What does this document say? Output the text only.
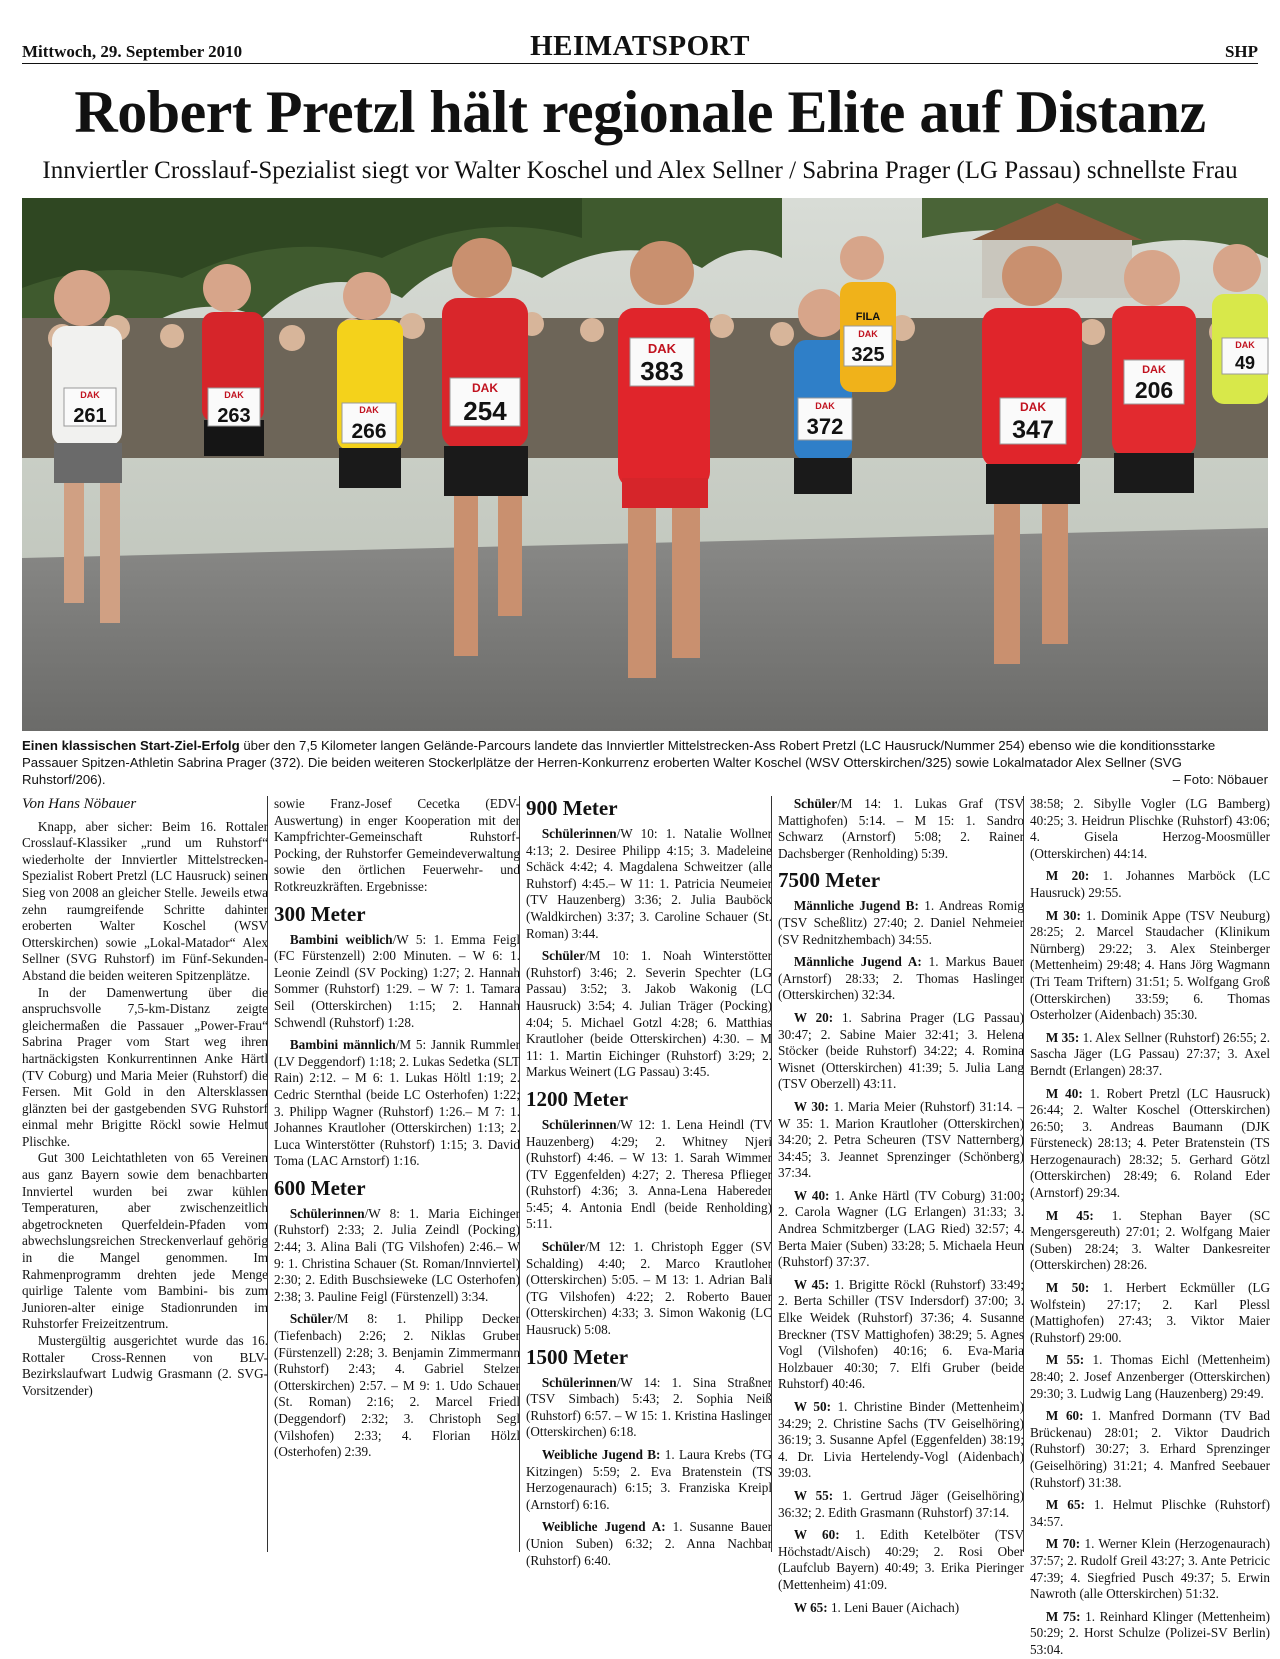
Mittwoch, 29. September 2010	HEIMATSPORT	SHP
Robert Pretzl hält regionale Elite auf Distanz
Innviertler Crosslauf-Spezialist siegt vor Walter Koschel und Alex Sellner / Sabrina Prager (LG Passau) schnellste Frau
DAK
261
DAK
263	DAK
266
DAK
254
DAK
383
DAK
372
FILA
DAK
325
DAK
347
DAK
206
DAK
49
Einen klassischen Start-Ziel-Erfolg über den 7,5 Kilometer langen Gelände-Parcours landete das Innviertler Mittelstrecken-Ass Robert Pretzl (LC Hausruck/Nummer 254) ebenso wie die konditionsstarke Passauer Spitzen-Athletin Sabrina Prager (372). Die beiden weiteren Stockerlplätze der Herren-Konkurrenz eroberten Walter Koschel (WSV Otterskirchen/325) sowie Lokalmatador Alex Sellner (SVG Ruhstorf/206).	– Foto: Nöbauer
Von Hans Nöbauer

Knapp, aber sicher: Beim 16. Rottaler Crosslauf-Klassiker „rund um Ruhstorf“ wiederholte der Innviertler Mittelstrecken-Spezialist Robert Pretzl (LC Hausruck) seinen Sieg von 2008 an gleicher Stelle. Jeweils etwa zehn raumgreifende Schritte dahinter eroberten Walter Koschel (WSV Otterskirchen) sowie „Lokal-Matador“ Alex Sellner (SVG Ruhstorf) im Fünf-Sekunden-Abstand die beiden weiteren Spitzenplätze.

In der Damenwertung über die anspruchsvolle 7,5-km-Distanz zeigte gleichermaßen die Passauer „Power-Frau“ Sabrina Prager vom Start weg ihren hartnäckigsten Konkurrentinnen Anke Härtl (TV Coburg) und Maria Meier (Ruhstorf) die Fersen. Mit Gold in den Altersklassen glänzten bei der gastgebenden SVG Ruhstorf einmal mehr Brigitte Röckl sowie Helmut Plischke.

Gut 300 Leichtathleten von 65 Vereinen aus ganz Bayern sowie dem benachbarten Innviertel wurden bei zwar kühlen Temperaturen, aber zwischenzeitlich abgetrockneten Querfeldein-Pfaden vom abwechslungsreichen Streckenverlauf gehörig in die Mangel genommen. Im Rahmenprogramm drehten jede Menge quirlige Talente vom Bambini- bis zum Junioren-alter einige Stadionrunden im Ruhstorfer Freizeitzentrum.

Mustergültig ausgerichtet wurde das 16. Rottaler Cross-Rennen von BLV-Bezirkslaufwart Ludwig Grasmann (2. SVG-Vorsitzender)

sowie Franz-Josef Cecetka (EDV-Auswertung) in enger Kooperation mit der Kampfrichter-Gemeinschaft Ruhstorf-Pocking, der Ruhstorfer Gemeindeverwaltung sowie den örtlichen Feuerwehr- und Rotkreuzkräften. Ergebnisse:

300 Meter

Bambini weiblich/W 5: 1. Emma Feigl (FC Fürstenzell) 2:00 Minuten. – W 6: 1. Leonie Zeindl (SV Pocking) 1:27; 2. Hannah Sommer (Ruhstorf) 1:29. – W 7: 1. Tamara Seil (Otterskirchen) 1:15; 2. Hannah Schwendl (Ruhstorf) 1:28.

Bambini männlich/M 5: Jannik Rummler (LV Deggendorf) 1:18; 2. Lukas Sedetka (SLT Rain) 2:12. – M 6: 1. Lukas Höltl 1:19; 2. Cedric Sternthal (beide LC Osterhofen) 1:22; 3. Philipp Wagner (Ruhstorf) 1:26.– M 7: 1. Johannes Krautloher (Otterskirchen) 1:13; 2. Luca Winterstötter (Ruhstorf) 1:15; 3. David Toma (LAC Arnstorf) 1:16.

600 Meter

Schülerinnen/W 8: 1. Maria Eichinger (Ruhstorf) 2:33; 2. Julia Zeindl (Pocking) 2:44; 3. Alina Bali (TG Vilshofen) 2:46.– W 9: 1. Christina Schauer (St. Roman/Innviertel) 2:30; 2. Edith Buschsieweke (LC Osterhofen) 2:38; 3. Pauline Feigl (Fürstenzell) 3:34.

Schüler/M 8: 1. Philipp Decker (Tiefenbach) 2:26; 2. Niklas Gruber (Fürstenzell) 2:28; 3. Benjamin Zimmermann (Ruhstorf) 2:43; 4. Gabriel Stelzer (Otterskirchen) 2:57. – M 9: 1. Udo Schauer (St. Roman) 2:16; 2. Marcel Friedl (Deggendorf) 2:32; 3. Christoph Segl (Vilshofen) 2:33; 4. Florian Hölzl (Osterhofen) 2:39.

900 Meter

Schülerinnen/W 10: 1. Natalie Wollner 4:13; 2. Desiree Philipp 4:15; 3. Madeleine Schäck 4:42; 4. Magdalena Schweitzer (alle Ruhstorf) 4:45.– W 11: 1. Patricia Neumeier (TV Hauzenberg) 3:36; 2. Julia Bauböck (Waldkirchen) 3:37; 3. Caroline Schauer (St. Roman) 3:44.

Schüler/M 10: 1. Noah Winterstötter (Ruhstorf) 3:46; 2. Severin Spechter (LG Passau) 3:52; 3. Jakob Wakonig (LC Hausruck) 3:54; 4. Julian Träger (Pocking) 4:04; 5. Michael Gotzl 4:28; 6. Matthias Krautloher (beide Otterskirchen) 4:30. – M 11: 1. Martin Eichinger (Ruhstorf) 3:29; 2. Markus Weinert (LG Passau) 3:45.

1200 Meter

Schülerinnen/W 12: 1. Lena Heindl (TV Hauzenberg) 4:29; 2. Whitney Njeri (Ruhstorf) 4:46. – W 13: 1. Sarah Wimmer (TV Eggenfelden) 4:27; 2. Theresa Pflieger (Ruhstorf) 4:36; 3. Anna-Lena Habereder 5:45; 4. Antonia Endl (beide Renholding) 5:11.

Schüler/M 12: 1. Christoph Egger (SV Schalding) 4:40; 2. Marco Krautloher (Otterskirchen) 5:05. – M 13: 1. Adrian Bali (TG Vilshofen) 4:22; 2. Roberto Bauer (Otterskirchen) 4:33; 3. Simon Wakonig (LC Hausruck) 5:08.

1500 Meter

Schülerinnen/W 14: 1. Sina Straßner (TSV Simbach) 5:43; 2. Sophia Neiß (Ruhstorf) 6:57. – W 15: 1. Kristina Haslinger (Otterskirchen) 6:18.

Weibliche Jugend B: 1. Laura Krebs (TG Kitzingen) 5:59; 2. Eva Bratenstein (TS Herzogenaurach) 6:15; 3. Franziska Kreipl (Arnstorf) 6:16.

Weibliche Jugend A: 1. Susanne Bauer (Union Suben) 6:32; 2. Anna Nachbar (Ruhstorf) 6:40.

Schüler/M 14: 1. Lukas Graf (TSV Mattighofen) 5:14. – M 15: 1. Sandro Schwarz (Arnstorf) 5:08; 2. Rainer Dachsberger (Renholding) 5:39.

7500 Meter

Männliche Jugend B: 1. Andreas Romig (TSV Scheßlitz) 27:40; 2. Daniel Nehmeier (SV Rednitzhembach) 34:55.

Männliche Jugend A: 1. Markus Bauer (Arnstorf) 28:33; 2. Thomas Haslinger (Otterskirchen) 32:34.

W 20: 1. Sabrina Prager (LG Passau) 30:47; 2. Sabine Maier 32:41; 3. Helena Stöcker (beide Ruhstorf) 34:22; 4. Romina Wisnet (Otterskirchen) 41:39; 5. Julia Lang (TSV Oberzell) 43:11.

W 30: 1. Maria Meier (Ruhstorf) 31:14. – W 35: 1. Marion Krautloher (Otterskirchen) 34:20; 2. Petra Scheuren (TSV Natternberg) 34:45; 3. Jeannet Sprenzinger (Schönberg) 37:34.

W 40: 1. Anke Härtl (TV Coburg) 31:00; 2. Carola Wagner (LG Erlangen) 31:33; 3. Andrea Schmitzberger (LAG Ried) 32:57; 4. Berta Maier (Suben) 33:28; 5. Michaela Heun (Ruhstorf) 37:37.

W 45: 1. Brigitte Röckl (Ruhstorf) 33:49; 2. Berta Schiller (TSV Indersdorf) 37:00; 3. Elke Weidek (Ruhstorf) 37:36; 4. Susanne Breckner (TSV Mattighofen) 38:29; 5. Agnes Vogl (Vilshofen) 40:16; 6. Eva-Maria Holzbauer 40:30; 7. Elfi Gruber (beide Ruhstorf) 40:46.

W 50: 1. Christine Binder (Mettenheim) 34:29; 2. Christine Sachs (TV Geiselhöring) 36:19; 3. Susanne Apfel (Eggenfelden) 38:19; 4. Dr. Livia Hertelendy-Vogl (Aidenbach) 39:03.

W 55: 1. Gertrud Jäger (Geiselhöring) 36:32; 2. Edith Grasmann (Ruhstorf) 37:14.

W 60: 1. Edith Ketelböter (TSV Höchstadt/Aisch) 40:29; 2. Rosi Ober (Laufclub Bayern) 40:49; 3. Erika Pieringer (Mettenheim) 41:09.

W 65: 1. Leni Bauer (Aichach)

38:58; 2. Sibylle Vogler (LG Bamberg) 40:25; 3. Heidrun Plischke (Ruhstorf) 43:06; 4. Gisela Herzog-Moosmüller (Otterskirchen) 44:14.

M 20: 1. Johannes Marböck (LC Hausruck) 29:55.

M 30: 1. Dominik Appe (TSV Neuburg) 28:25; 2. Marcel Staudacher (Klinikum Nürnberg) 29:22; 3. Alex Steinberger (Mettenheim) 29:48; 4. Hans Jörg Wagmann (Tri Team Triftern) 31:51; 5. Wolfgang Groß (Otterskirchen) 33:59; 6. Thomas Osterholzer (Aidenbach) 35:30.

M 35: 1. Alex Sellner (Ruhstorf) 26:55; 2. Sascha Jäger (LG Passau) 27:37; 3. Axel Berndt (Erlangen) 28:37.

M 40: 1. Robert Pretzl (LC Hausruck) 26:44; 2. Walter Koschel (Otterskirchen) 26:50; 3. Andreas Baumann (DJK Fürsteneck) 28:13; 4. Peter Bratenstein (TS Herzogenaurach) 28:32; 5. Gerhard Götzl (Otterskirchen) 28:49; 6. Roland Eder (Arnstorf) 29:34.

M 45: 1. Stephan Bayer (SC Mengersgereuth) 27:01; 2. Wolfgang Maier (Suben) 28:24; 3. Walter Dankesreiter (Otterskirchen) 28:26.

M 50: 1. Herbert Eckmüller (LG Wolfstein) 27:17; 2. Karl Plessl (Mattighofen) 27:43; 3. Viktor Maier (Ruhstorf) 29:00.

M 55: 1. Thomas Eichl (Mettenheim) 28:40; 2. Josef Anzenberger (Otterskirchen) 29:30; 3. Ludwig Lang (Hauzenberg) 29:49.

M 60: 1. Manfred Dormann (TV Bad Brückenau) 28:01; 2. Viktor Daudrich (Ruhstorf) 30:27; 3. Erhard Sprenzinger (Geiselhöring) 31:21; 4. Manfred Seebauer (Ruhstorf) 31:38.

M 65: 1. Helmut Plischke (Ruhstorf) 34:57.

M 70: 1. Werner Klein (Herzogenaurach) 37:57; 2. Rudolf Greil 43:27; 3. Ante Petricic 47:39; 4. Siegfried Pusch 49:37; 5. Erwin Nawroth (alle Otterskirchen) 51:32.

M 75: 1. Reinhard Klinger (Mettenheim) 50:29; 2. Horst Schulze (Polizei-SV Berlin) 53:04.
